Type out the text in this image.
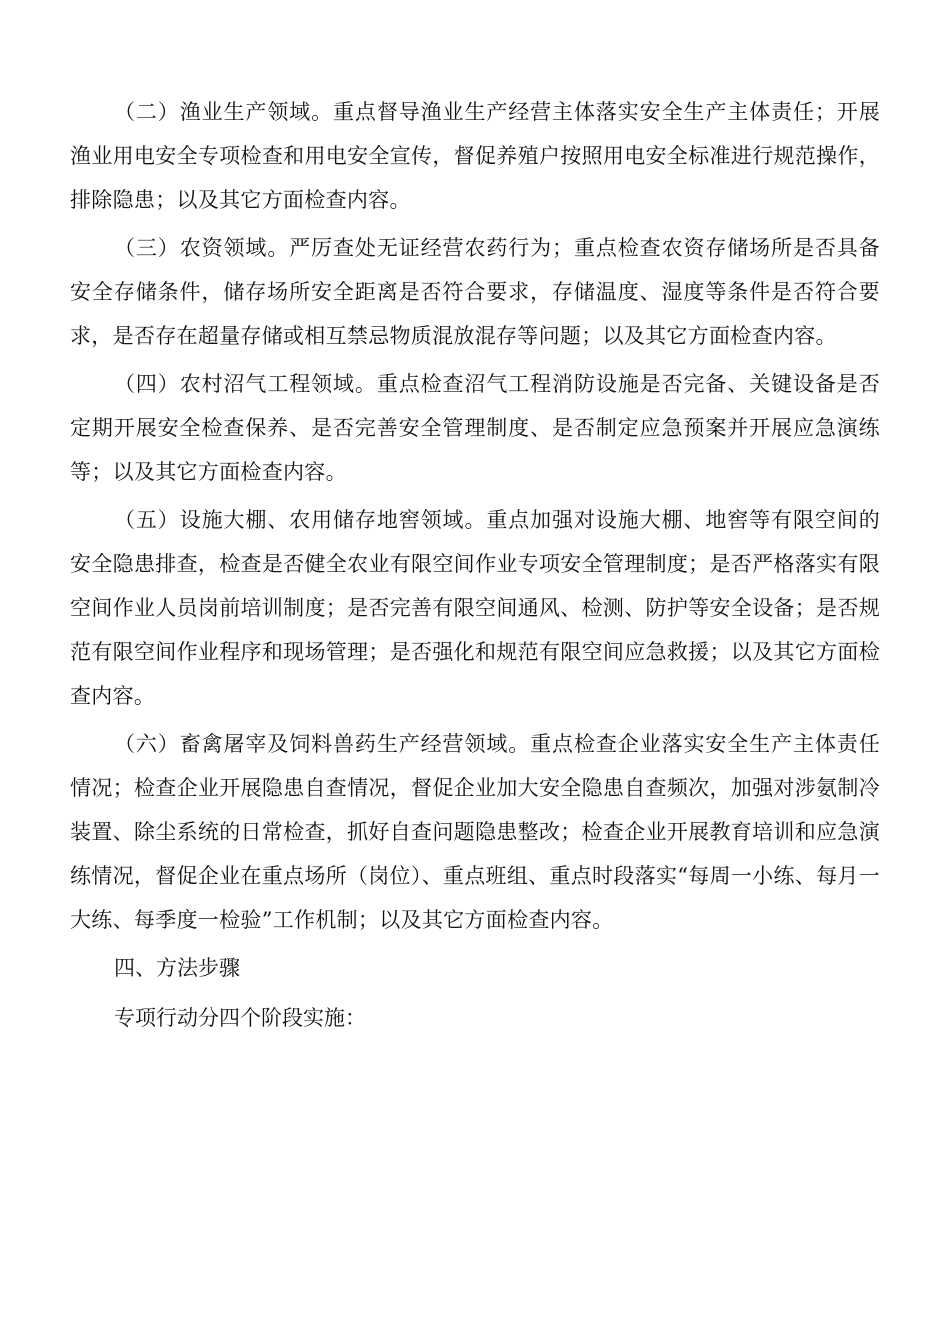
（二）渔业生产领域。重点督导渔业生产经营主体落实安全生产主体责任；开展渔业用电安全专项检查和用电安全宣传，督促养殖户按照用电安全标准进行规范操作，排除隐患；以及其它方面检查内容。

（三）农资领域。严厉查处无证经营农药行为；重点检查农资存储场所是否具备安全存储条件，储存场所安全距离是否符合要求，存储温度、湿度等条件是否符合要求，是否存在超量存储或相互禁忌物质混放混存等问题；以及其它方面检查内容。

（四）农村沼气工程领域。重点检查沼气工程消防设施是否完备、关键设备是否定期开展安全检查保养、是否完善安全管理制度、是否制定应急预案并开展应急演练等；以及其它方面检查内容。

（五）设施大棚、农用储存地窖领域。重点加强对设施大棚、地窖等有限空间的安全隐患排查，检查是否健全农业有限空间作业专项安全管理制度；是否严格落实有限空间作业人员岗前培训制度；是否完善有限空间通风、检测、防护等安全设备；是否规范有限空间作业程序和现场管理；是否强化和规范有限空间应急救援；以及其它方面检查内容。

（六）畜禽屠宰及饲料兽药生产经营领域。重点检查企业落实安全生产主体责任情况；检查企业开展隐患自查情况，督促企业加大安全隐患自查频次，加强对涉氨制冷装置、除尘系统的日常检查，抓好自查问题隐患整改；检查企业开展教育培训和应急演练情况，督促企业在重点场所（岗位）、重点班组、重点时段落实“每周一小练、每月一大练、每季度一检验”工作机制；以及其它方面检查内容。

四、方法步骤

专项行动分四个阶段实施：
